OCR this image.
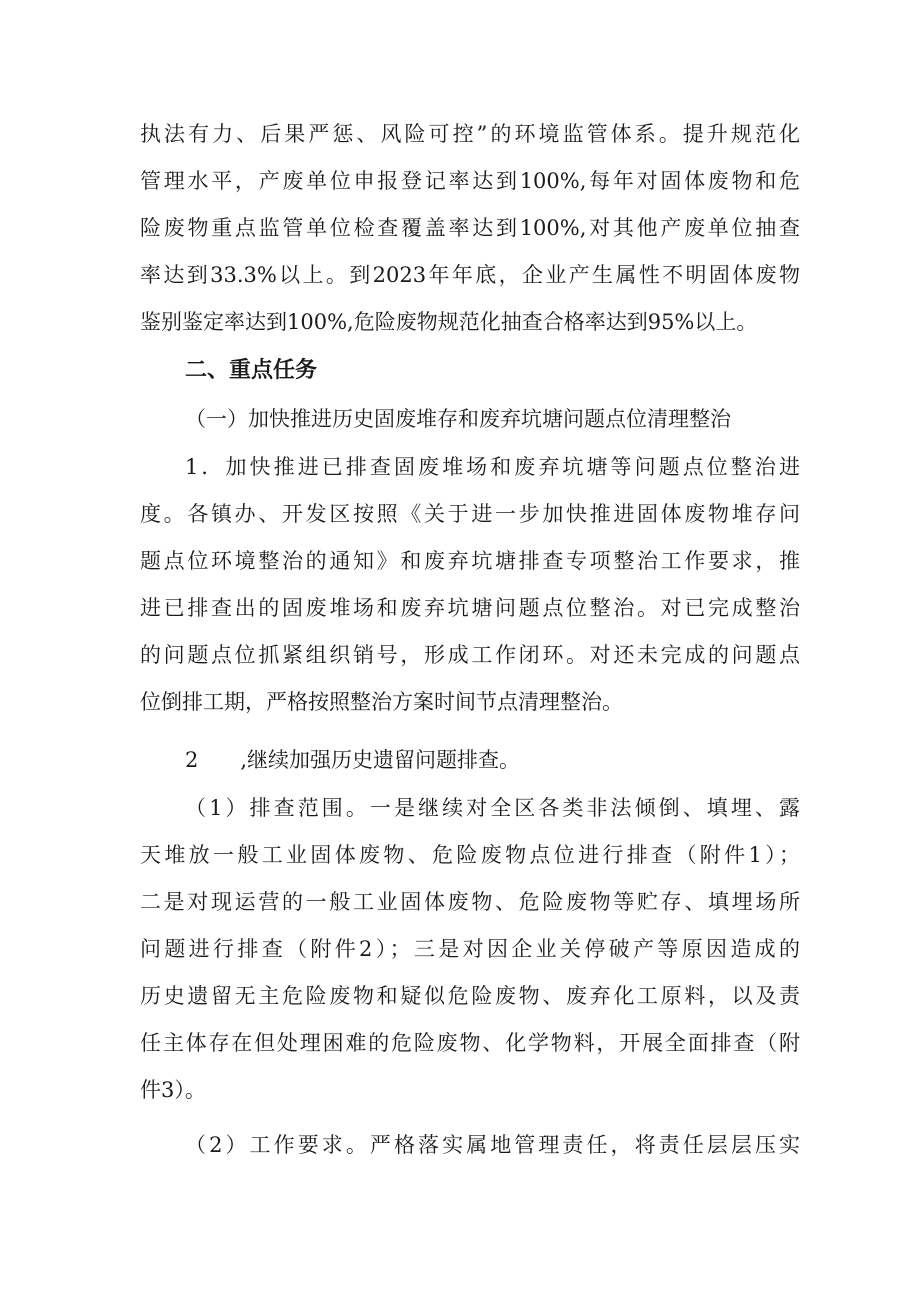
执法有力、后果严惩、风险可控”的环境监管体系。提升规范化
管理水平，产废单位申报登记率达到100%,每年对固体废物和危
险废物重点监管单位检查覆盖率达到100%,对其他产废单位抽查
率达到33.3%以上。到2023年年底，企业产生属性不明固体废物
鉴别鉴定率达到100%,危险废物规范化抽查合格率达到95%以上。
二、重点任务
（一）加快推进历史固废堆存和废弃坑塘问题点位清理整治
1．加快推进已排查固废堆场和废弃坑塘等问题点位整治进
度。各镇办、开发区按照《关于进一步加快推进固体废物堆存问
题点位环境整治的通知》和废弃坑塘排查专项整治工作要求，推
进已排查出的固废堆场和废弃坑塘问题点位整治。对已完成整治
的问题点位抓紧组织销号，形成工作闭环。对还未完成的问题点
位倒排工期，严格按照整治方案时间节点清理整治。
2　　,继续加强历史遗留问题排查。
（1）排查范围。一是继续对全区各类非法倾倒、填埋、露
天堆放一般工业固体废物、危险废物点位进行排查（附件1）；
二是对现运营的一般工业固体废物、危险废物等贮存、填埋场所
问题进行排查（附件2）；三是对因企业关停破产等原因造成的
历史遗留无主危险废物和疑似危险废物、废弃化工原料，以及责
任主体存在但处理困难的危险废物、化学物料，开展全面排查（附
件3）。
（2）工作要求。严格落实属地管理责任，将责任层层压实
